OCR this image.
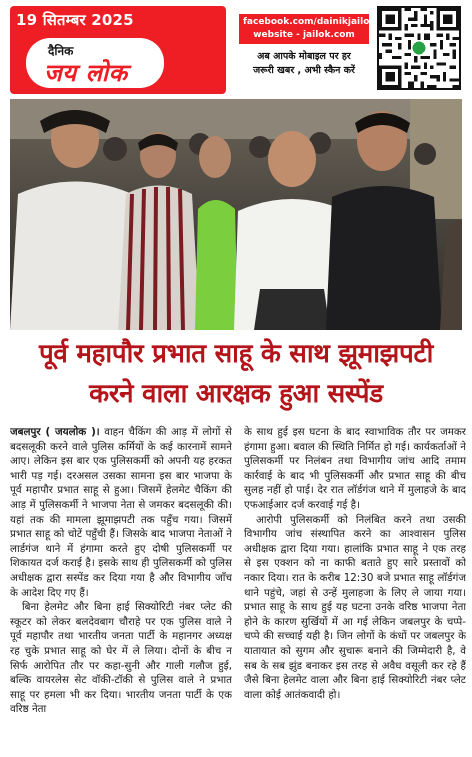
19 सितम्बर 2025
दैनिक
जय लोक
facebook.com/dainikjailok
website - jailok.com
अब आपके मोबाइल पर हर
जरूरी खबर , अभी स्कैन करें
पूर्व महापौर प्रभात साहू के साथ झूमाझपटी
करने वाला आरक्षक हुआ सस्पेंड

जबलपुर ( जयलोक )। वाहन चैकिंग की आड़ में लोगों से बदसलूकी करने वाले पुलिस कर्मियों के कई कारनामें सामने आए। लेकिन इस बार एक पुलिसकर्मी को अपनी यह हरकत भारी पड़ गई। दरअसल उसका सामना इस बार भाजपा के पूर्व महापौर प्रभात साहू से हुआ। जिसमें हेलमेट चैकिंग की आड़ में पुलिसकर्मी ने भाजपा नेता से जमकर बदसलूकी की। यहां तक की मामला झूमाझपटी तक पहुँच गया। जिसमें प्रभात साहू को चोटें पहुँची हैं। जिसके बाद भाजपा नेताओं ने लार्डगंज थाने में हंगामा करते हुए दोषी पुलिसकर्मी पर शिकायत दर्ज कराई है। इसके साथ ही पुलिसकर्मी को पुलिस अधीक्षक द्वारा सस्पेंड कर दिया गया है और विभागीय जाँच के आदेश दिए गए हैं।

बिना हेलमेट और बिना हाई सिक्योरिटी नंबर प्लेट की स्कूटर को लेकर बलदेवबाग चौराहे पर एक पुलिस वाले ने पूर्व महापौर तथा भारतीय जनता पार्टी के महानगर अध्यक्ष रह चुके प्रभात साहू को घेर में ले लिया। दोनों के बीच न सिर्फ आरोपित तौर पर कहा-सुनी और गाली गलौज हुई, बल्कि वायरलेस सेट वॉकी-टॉकी से पुलिस वाले ने प्रभात साहू पर हमला भी कर दिया। भारतीय जनता पार्टी के एक वरिष्ठ नेता

के साथ हुई इस घटना के बाद स्वाभाविक तौर पर जमकर हंगामा हुआ। बवाल की स्थिति निर्मित हो गई। कार्यकर्ताओं ने पुलिसकर्मी पर निलंबन तथा विभागीय जांच आदि तमाम कार्रवाई के बाद भी पुलिसकर्मी और प्रभात साहू की बीच सुलह नहीं हो पाई। देर रात लॉर्डगंज थाने में मुलाहजे के बाद एफआईआर दर्ज करवाई गई है।

आरोपी पुलिसकर्मी को निलंबित करने तथा उसकी विभागीय जांच संस्थापित करने का आश्वासन पुलिस अधीक्षक द्वारा दिया गया। हालांकि प्रभात साहू ने एक तरह से इस एक्शन को ना काफी बताते हुए सारे प्रस्तावों को नकार दिया। रात के करीब 12:30 बजे प्रभात साहू लॉर्डगंज थाने पहुंचे, जहां से उन्हें मुलाहजा के लिए ले जाया गया। प्रभात साहू के साथ हुई यह घटना उनके वरिष्ठ भाजपा नेता होने के कारण सुर्खियों में आ गई लेकिन जबलपुर के चप्पे-चप्पे की सच्चाई यही है। जिन लोगों के कंधों पर जबलपुर के यातायात को सुगम और सुचारू बनाने की जिम्मेदारी है, वे सब के सब झुंड बनाकर इस तरह से अवैध वसूली कर रहे हैं जैसे बिना हेलमेट वाला और बिना हाई सिक्योरिटी नंबर प्लेट वाला कोई आतंकवादी हो।
